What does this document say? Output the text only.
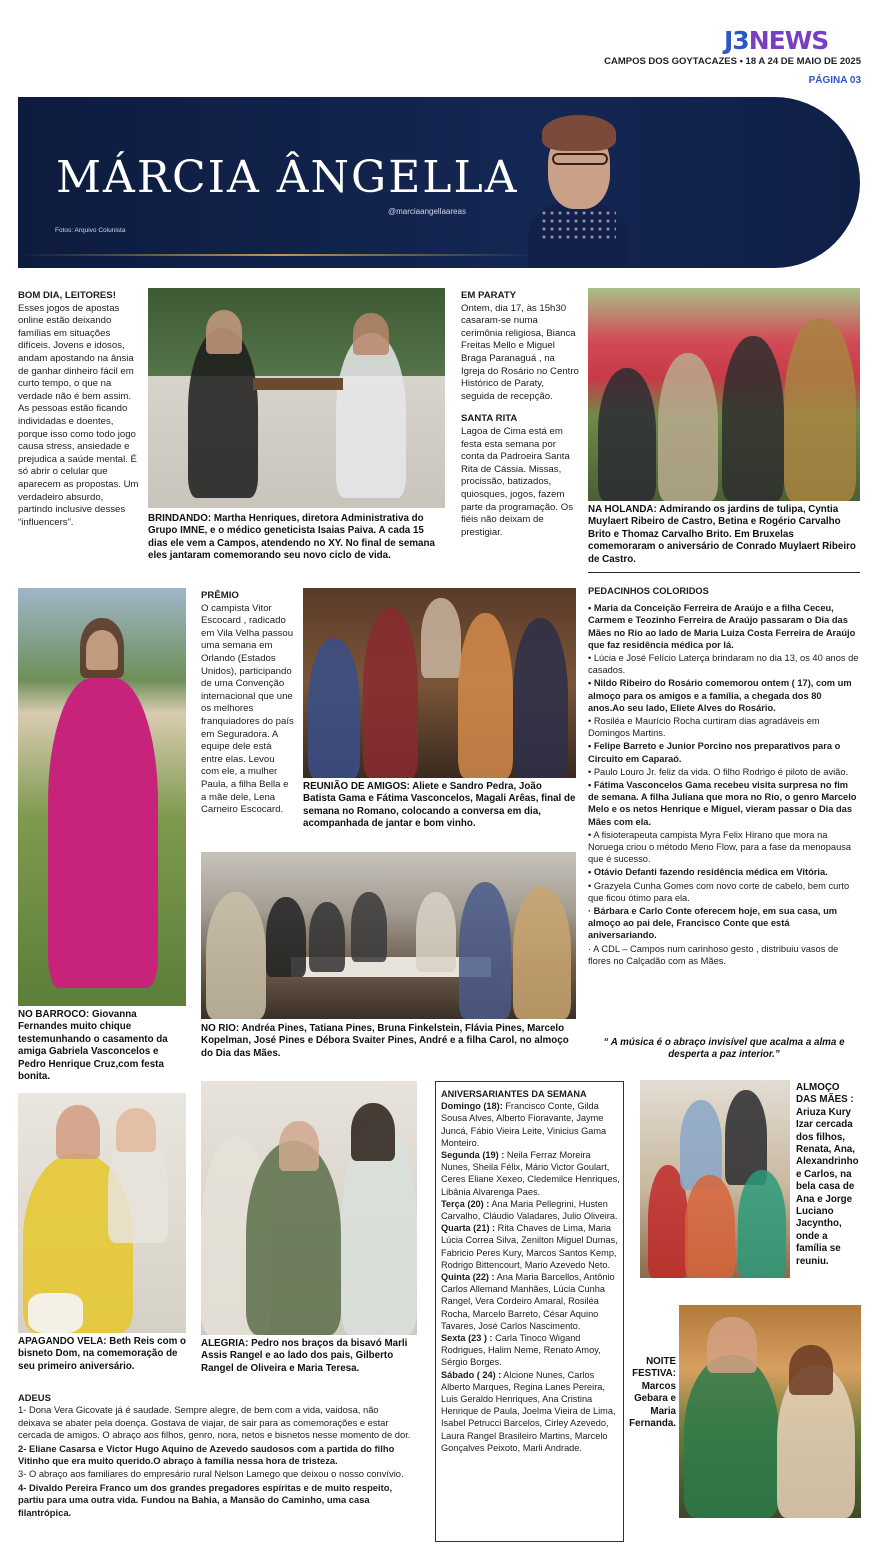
J3NEWS
CAMPOS DOS GOYTACAZES • 18 A 24 DE MAIO DE 2025
PÁGINA 03
MÁRCIA ÂNGELLA
@marciaangellaareas
Fotos: Arquivo Colunista
BOM DIA, LEITORES!
Esses jogos de apostas online estão deixando famílias em situações difíceis. Jovens e idosos, andam apostando na ânsia de ganhar dinheiro fácil em curto tempo, o que na verdade não é bem assim. As pessoas estão ficando individadas e doentes, porque isso como todo jogo causa stress, ansiedade e prejudica a saúde mental. É só abrir o celular que aparecem as propostas. Um verdadeiro absurdo, partindo inclusive desses “influencers”.	BRINDANDO: Martha Henriques, diretora Administrativa do Grupo IMNE, e o médico geneticista Isaias Paiva. A cada 15 dias ele vem a Campos, atendendo no XY. No final de semana eles jantaram comemorando seu novo ciclo de vida.

EM PARATY
Ontem, dia 17, às 15h30 casaram-se numa cerimônia religiosa, Bianca Freitas Mello e Miguel Braga Paranaguá , na Igreja do Rosário no Centro Histórico de Paraty, seguida de recepção.
SANTA RITA
Lagoa de Cima está em festa esta semana por conta da Padroeira Santa Rita de Cássia. Missas, procissão, batizados, quiosques, jogos, fazem parte da programação. Os fiéis não deixam de prestigiar.

NA HOLANDA: Admirando os jardins de tulipa, Cyntia Muylaert Ribeiro de Castro, Betina e Rogério Carvalho Brito e Thomaz Carvalho Brito. Em Bruxelas comemoraram o aniversário de Conrado Muylaert Ribeiro de Castro.

NO BARROCO: Giovanna Fernandes muito chique testemunhando o casamento da amiga Gabriela Vasconcelos e Pedro Henrique Cruz,com festa bonita.

PRÊMIO
O campista Vitor Escocard , radicado em Vila Velha passou uma semana em Orlando (Estados Unidos), participando de uma Convenção internacional que une os melhores franquiadores do país em Seguradora. A equipe dele está entre elas. Levou com ele, a mulher Paula, a filha Bella e a mãe dele, Lena Carneiro Escocard.

REUNIÃO DE AMIGOS: Aliete e Sandro Pedra, João Batista Gama e Fátima Vasconcelos, Magali Arêas, final de semana no Romano, colocando a conversa em dia, acompanhada de jantar e bom vinho.

NO RIO: Andréa Pines, Tatiana Pines, Bruna Finkelstein, Flávia Pines, Marcelo Kopelman, José Pines e Débora Svaiter Pines, André e a filha Carol, no almoço do Dia das Mães.

PEDACINHOS COLORIDOS
• Maria da Conceição Ferreira de Araújo e a filha Ceceu, Carmem e Teozinho Ferreira de Araújo passaram o Dia das Mães no Rio ao lado de Maria Luiza Costa Ferreira de Araújo que faz residência médica por lá.
• Lúcia e José Felício Laterça brindaram no dia 13, os 40 anos de casados.
• Nildo Ribeiro do Rosário comemorou ontem ( 17), com um almoço para os amigos e a família, a chegada dos 80 anos.Ao seu lado, Eliete Alves do Rosário.
• Rosiléa e Maurício Rocha curtiram dias agradáveis em Domingos Martins.
• Felipe Barreto e Junior Porcino nos preparativos para o Circuito em Caparaó.
• Paulo Louro Jr. feliz da vida. O filho Rodrigo é piloto de avião.
• Fátima Vasconcelos Gama recebeu visita surpresa no fim de semana. A filha Juliana que mora no Rio, o genro Marcelo Melo e os netos Henrique e Miguel, vieram passar o Dia das Mães com ela.
• A fisioterapeuta campista Myra Felix Hirano que mora na Noruega criou o método Meno Flow, para a fase da menopausa que é sucesso.
• Otávio Defanti fazendo residência médica em Vitória.
• Grazyela Cunha Gomes com novo corte de cabelo, bem curto que ficou ótimo para ela.
· Bárbara e Carlo Conte oferecem hoje, em sua casa, um almoço ao pai dele, Francisco Conte que está aniversariando.
· A CDL – Campos num carinhoso gesto , distribuiu vasos de flores no Calçadão com as Mães.

“ A música é o abraço invisível que acalma a alma e desperta a paz interior.”

APAGANDO VELA: Beth Reis com o bisneto Dom, na comemoração de seu primeiro aniversário.

ALEGRIA: Pedro nos braços da bisavó Marli Assis Rangel e ao lado dos pais, Gilberto Rangel de Oliveira e Maria Teresa.

ANIVERSARIANTES DA SEMANA
Domingo (18): Francisco Conte, Gilda Sousa Alves, Alberto Fioravante, Jayme Juncá, Fábio Vieira Leite, Vinicius Gama Monteiro.
Segunda (19) : Neila Ferraz Moreira Nunes, Sheila Félix, Mário Victor Goulart, Ceres Eliane Xexeo, Cledemilce Henriques, Libânia Alvarenga Paes.
Terça (20) : Ana Maria Pellegrini, Husten Carvalho, Cláudio Valadares, Julio Oliveira.
Quarta (21) : Rita Chaves de Lima, Maria Lúcia Correa Silva, Zenilton Miguel Dumas, Fabricio Peres Kury, Marcos Santos Kemp, Rodrigo Bittencourt, Mario Azevedo Neto.
Quinta (22) : Ana Maria Barcellos, Antônio Carlos Allemand Manhães, Lúcia Cunha Rangel, Vera Cordeiro Amaral, Rosiléa Rocha, Marcelo Barreto, César Aquino Tavares, José Carlos Nascimento.
Sexta (23 ) : Carla Tinoco Wigand Rodrigues, Halim Neme, Renato Amoy, Sérgio Borges.
Sábado ( 24) : Alcione Nunes, Carlos Alberto Marques, Regina Lanes Pereira, Luis Geraldo Henriques, Ana Cristina Henrique de Paula, Joelma Vieira de Lima, Isabel Petrucci Barcelos, Cirley Azevedo, Laura Rangel Brasileiro Martins, Marcelo Gonçalves Peixoto, Marli Andrade.

ALMOÇO DAS MÃES : Ariuza Kury Izar cercada dos filhos, Renata, Ana, Alexandrinho e Carlos, na bela casa de Ana e Jorge Luciano Jacyntho, onde a família se reuniu.

NOITE FESTIVA: Marcos Gebara e Maria Fernanda.

ADEUS
1- Dona Vera Gicovate já é saudade. Sempre alegre, de bem com a vida, vaidosa, não deixava se abater pela doença. Gostava de viajar, de sair para as comemorações e estar cercada de amigos. O abraço aos filhos, genro, nora, netos e bisnetos nesse momento de dor.
2- Eliane Casarsa e Victor Hugo Aquino de Azevedo saudosos com a partida do filho Vitinho que era muito querido.O abraço à família nessa hora de tristeza.
3- O abraço aos familiares do empresário rural Nelson Lamego que deixou o nosso convívio.
4- Divaldo Pereira Franco um dos grandes pregadores espíritas e de muito respeito, partiu para uma outra vida. Fundou na Bahia, a Mansão do Caminho, uma casa filantrópica.
